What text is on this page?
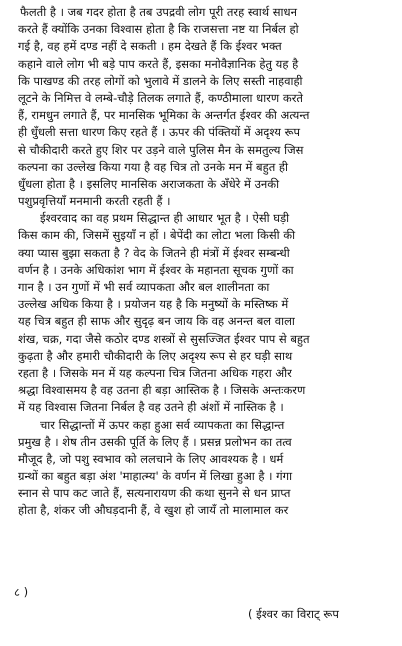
फैलती है । जब गदर होता है तब उपद्रवी लोग पूरी तरह स्वार्थ साधन
करते हैं क्योंकि उनका विश्वास होता है कि राजसत्ता नष्ट या निर्बल हो
गई है, वह हमें दण्ड नहीं दे सकती । हम देखते हैं कि ईश्वर भक्त
कहाने वाले लोग भी बड़े पाप करते हैं, इसका मनोवैज्ञानिक हेतु यह है
कि पाखण्ड की तरह लोगों को भुलावे में डालने के लिए सस्ती नाहवाही
लूटने के निमित्त वे लम्बे-चौड़े तिलक लगाते हैं, कण्ठीमाला धारण करते
हैं, रामधुन लगाते हैं, पर मानसिक भूमिका के अन्तर्गत ईश्वर की अत्यन्त
ही धुँधली सत्ता धारण किए रहते हैं । ऊपर की पंक्तियों में अदृश्य रूप
से चौकीदारी करते हुए शिर पर उड़ने वाले पुलिस मैन के समतुल्य जिस
कल्पना का उल्लेख किया गया है वह चित्र तो उनके मन में बहुत ही
धुँधला होता है । इसलिए मानसिक अराजकता के अँधेरे में उनकी
पशुप्रवृत्तियाँ मनमानी करती रहती हैं ।
ईश्वरवाद का वह प्रथम सिद्धान्त ही आधार भूत है । ऐसी घड़ी
किस काम की, जिसमें सुइयाँ न हों । बेपेंदी का लोटा भला किसी की
क्या प्यास बुझा सकता है ? वेद के जितने ही मंत्रों में ईश्वर सम्बन्धी
वर्णन है । उनके अधिकांश भाग में ईश्वर के महानता सूचक गुणों का
गान है । उन गुणों में भी सर्व व्यापकता और बल शालीनता का
उल्लेख अधिक किया है । प्रयोजन यह है कि मनुष्यों के मस्तिष्क में
यह चित्र बहुत ही साफ और सुदृढ़ बन जाय कि वह अनन्त बल वाला
शंख, चक्र, गदा जैसे कठोर दण्ड शस्त्रों से सुसज्जित ईश्वर पाप से बहुत
कुढ़ता है और हमारी चौकीदारी के लिए अदृश्य रूप से हर घड़ी साथ
रहता है । जिसके मन में यह कल्पना चित्र जितना अधिक गहरा और
श्रद्धा विश्वासमय है वह उतना ही बड़ा आस्तिक है । जिसके अन्तःकरण
में यह विश्वास जितना निर्बल है वह उतने ही अंशों में नास्तिक है ।
चार सिद्धान्तों में ऊपर कहा हुआ सर्व व्यापकता का सिद्धान्त
प्रमुख है । शेष तीन उसकी पूर्ति के लिए हैं । प्रसन्न प्रलोभन का तत्व
मौजूद है, जो पशु स्वभाव को ललचाने के लिए आवश्यक है । धर्म
ग्रन्थों का बहुत बड़ा अंश 'माहात्म्य' के वर्णन में लिखा हुआ है । गंगा
स्नान से पाप कट जाते हैं, सत्यनारायण की कथा सुनने से धन प्राप्त
होता है, शंकर जी औघड़दानी हैं, वे खुश हो जायँ तो मालामाल कर
८ )
( ईश्वर का विराट् रूप
